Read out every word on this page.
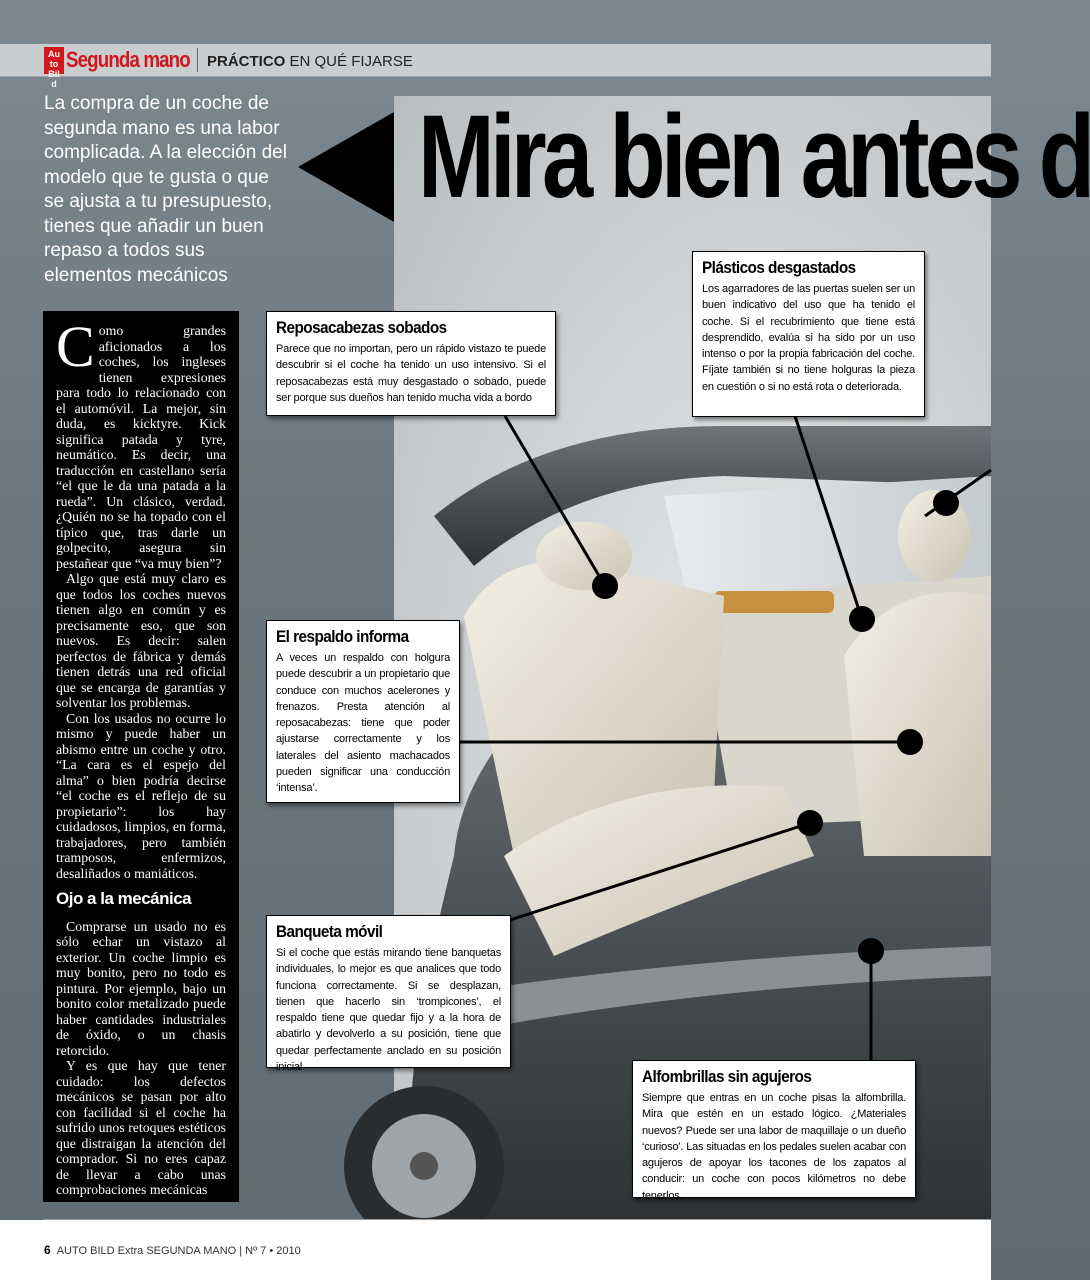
Auto Bild
Segunda mano PRÁCTICO EN QUÉ FIJARSE
La compra de un coche de segunda mano es una labor complicada. A la elección del modelo que te gusta o que se ajusta a tu presupuesto, tienes que añadir un buen repaso a todos sus elementos mecánicos
Mira bien antes d
Reposacabezas sobados

Parece que no importan, pero un rápido vistazo te puede descubrir si el coche ha tenido un uso intensivo. Si el reposacabezas está muy desgastado o sobado, puede ser porque sus dueños han tenido mucha vida a bordo

Plásticos desgastados

Los agarradores de las puertas suelen ser un buen indicativo del uso que ha tenido el coche. Si el recubrimiento que tiene está desprendido, evalúa si ha sido por un uso intenso o por la propia fabricación del coche. Fíjate también si no tiene holguras la pieza en cuestión o si no está rota o deteriorada.

El respaldo informa

A veces un respaldo con holgura puede descubrir a un propietario que conduce con muchos acelerones y frenazos. Presta atención al reposacabezas: tiene que poder ajustarse correctamente y los laterales del asiento machacados pueden significar una conducción ‘intensa’.

Banqueta móvil

Si el coche que estás mirando tiene banquetas individuales, lo mejor es que analices que todo funciona correctamente. Si se desplazan, tienen que hacerlo sin ‘trompicones’, el respaldo tiene que quedar fijo y a la hora de abatirlo y devolverlo a su posición, tiene que quedar perfectamente anclado en su posición inicial.	Alfombrillas sin agujeros

Siempre que entras en un coche pisas la alfombrilla. Mira que estén en un estado lógico. ¿Materiales nuevos? Puede ser una labor de maquillaje o un dueño ‘curioso’. Las situadas en los pedales suelen acabar con agujeros de apoyar los tacones de los zapatos al conducir: un coche con pocos kilómetros no debe tenerlos.

Como grandes aficionados a los coches, los ingleses tienen expresiones para todo lo relacionado con el automóvil. La mejor, sin duda, es kicktyre. Kick significa patada y tyre, neumático. Es decir, una traducción en castellano sería “el que le da una patada a la rueda”. Un clásico, verdad. ¿Quién no se ha topado con el típico que, tras darle un golpecito, asegura sin pestañear que “va muy bien”?

Algo que está muy claro es que todos los coches nuevos tienen algo en común y es precisamente eso, que son nuevos. Es decir: salen perfectos de fábrica y demás tienen detrás una red oficial que se encarga de garantías y solventar los problemas.

Con los usados no ocurre lo mismo y puede haber un abismo entre un coche y otro. “La cara es el espejo del alma” o bien podría decirse “el coche es el reflejo de su propietario”: los hay cuidadosos, limpios, en forma, trabajadores, pero también tramposos, enfermizos, desaliñados o maniáticos.

Ojo a la mecánica

Comprarse un usado no es sólo echar un vistazo al exterior. Un coche limpio es muy bonito, pero no todo es pintura. Por ejemplo, bajo un bonito color metalizado puede haber cantidades industriales de óxido, o un chasis retorcido.

Y es que hay que tener cuidado: los defectos mecánicos se pasan por alto con facilidad si el coche ha sufrido unos retoques estéticos que distraigan la atención del comprador. Si no eres capaz de llevar a cabo unas comprobaciones mecánicas

6 AUTO BILD Extra SEGUNDA MANO | Nº 7 • 2010
